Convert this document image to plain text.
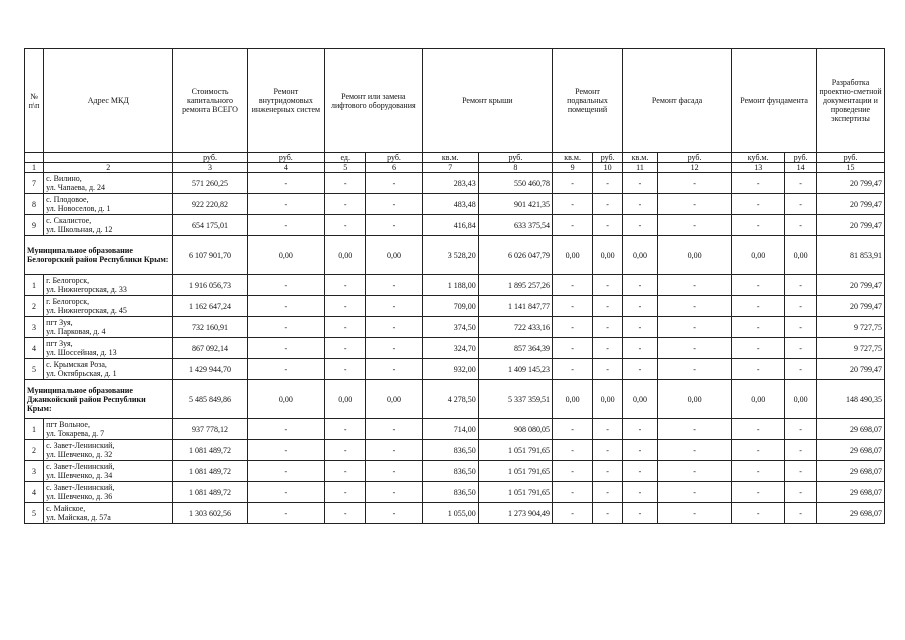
№ п\п	Адрес МКД	Стоимость капитального ремонта ВСЕГО	Ремонт внутридомовых инженерных систем	Ремонт или замена лифтового оборудования		Ремонт крыши		Ремонт подвальных помещений		Ремонт фасада		Ремонт фундамента		Разработка проектно-сметной документации и проведение экспертизы
		руб.	руб.	ед.	руб.	кв.м.	руб.	кв.м.	руб.	кв.м.	руб.	куб.м.	руб.	руб.
1	2	3	4	5	6	7	8	9	10	11	12	13	14	15
7	с. Вилино,
ул. Чапаева, д. 24	571 260,25	-	-	-	283,43	550 460,78	-	-	-	-	-	-	20 799,47
8	с. Плодовое,
ул. Новоселов, д. 1	922 220,82	-	-	-	483,48	901 421,35	-	-	-	-	-	-	20 799,47
9	с. Скалистое,
ул. Школьная, д. 12	654 175,01	-	-	-	416,84	633 375,54	-	-	-	-	-	-	20 799,47
Муниципальное образование Белогорский район Республики Крым:		6 107 901,70	0,00	0,00	0,00	3 528,20	6 026 047,79	0,00	0,00	0,00	0,00	0,00	0,00	81 853,91
1	г. Белогорск,
ул. Нижнегорская, д. 33	1 916 056,73	-	-	-	1 188,00	1 895 257,26	-	-	-	-	-	-	20 799,47
2	г. Белогорск,
ул. Нижнегорская, д. 45	1 162 647,24	-	-	-	709,00	1 141 847,77	-	-	-	-	-	-	20 799,47
3	пгт Зуя,
ул. Парковая, д. 4	732 160,91	-	-	-	374,50	722 433,16	-	-	-	-	-	-	9 727,75
4	пгт Зуя,
ул. Шоссейная, д. 13	867 092,14	-	-	-	324,70	857 364,39	-	-	-	-	-	-	9 727,75
5	с. Крымская Роза,
ул. Октябрьская, д. 1	1 429 944,70	-	-	-	932,00	1 409 145,23	-	-	-	-	-	-	20 799,47
Муниципальное образование Джанкойский район Республики Крым:		5 485 849,86	0,00	0,00	0,00	4 278,50	5 337 359,51	0,00	0,00	0,00	0,00	0,00	0,00	148 490,35
1	пгт Вольное,
ул. Токарева, д. 7	937 778,12	-	-	-	714,00	908 080,05	-	-	-	-	-	-	29 698,07
2	с. Завет-Ленинский,
ул. Шевченко, д. 32	1 081 489,72	-	-	-	836,50	1 051 791,65	-	-	-	-	-	-	29 698,07
3	с. Завет-Ленинский,
ул. Шевченко, д. 34	1 081 489,72	-	-	-	836,50	1 051 791,65	-	-	-	-	-	-	29 698,07
4	с. Завет-Ленинский,
ул. Шевченко, д. 36	1 081 489,72	-	-	-	836,50	1 051 791,65	-	-	-	-	-	-	29 698,07
5	с. Майское,
ул. Майская, д. 57а	1 303 602,56	-	-	-	1 055,00	1 273 904,49	-	-	-	-	-	-	29 698,07
